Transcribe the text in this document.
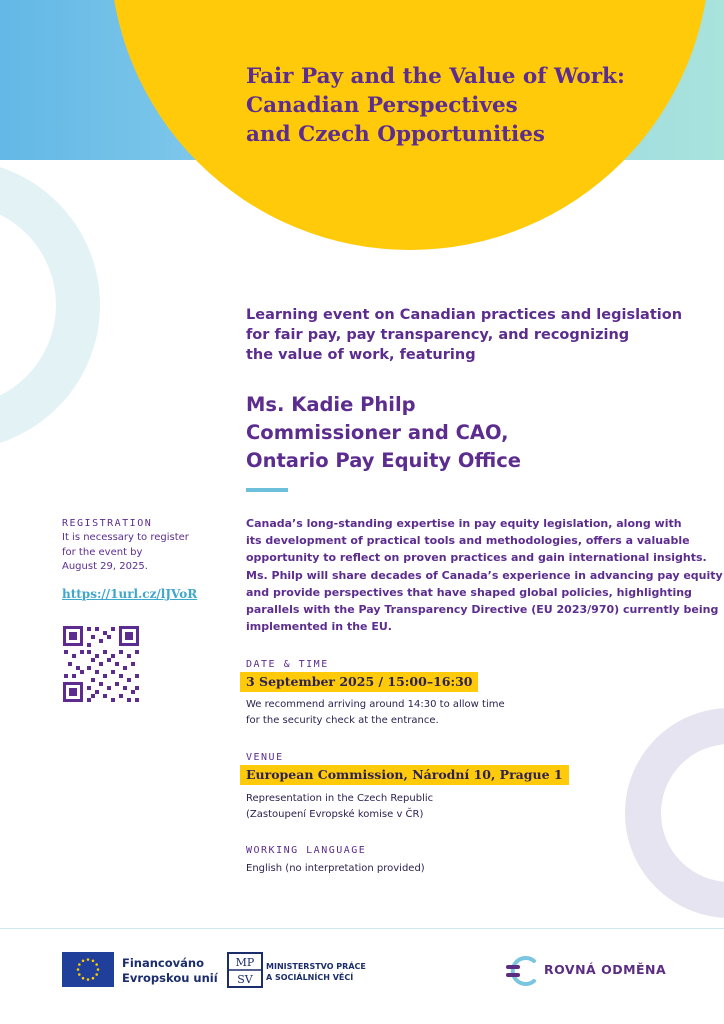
Fair Pay and the Value of Work:
Canadian Perspectives
and Czech Opportunities

Learning event on Canadian practices and legislation
for fair pay, pay transparency, and recognizing
the value of work, featuring

Ms. Kadie Philp
Commissioner and CAO,
Ontario Pay Equity Office

Canada’s long-standing expertise in pay equity legislation, along with
its development of practical tools and methodologies, offers a valuable
opportunity to reflect on proven practices and gain international insights.
Ms. Philp will share decades of Canada’s experience in advancing pay equity
and provide perspectives that have shaped global policies, highlighting
parallels with the Pay Transparency Directive (EU 2023/970) currently being
implemented in the EU.

REGISTRATION

It is necessary to register
for the event by
August 29, 2025.

https://1url.cz/lJVoR

DATE & TIME

3 September 2025 / 15:00–16:30

We recommend arriving around 14:30 to allow time
for the security check at the entrance.

VENUE

European Commission, Národní 10, Prague 1

Representation in the Czech Republic
(Zastoupení Evropské komise v ČR)

WORKING LANGUAGE

English (no interpretation provided)

Financováno
Evropskou unií

MP
SV

MINISTERSTVO PRÁCE
A SOCIÁLNÍCH VĚCÍ

ROVNÁ ODMĚNA
